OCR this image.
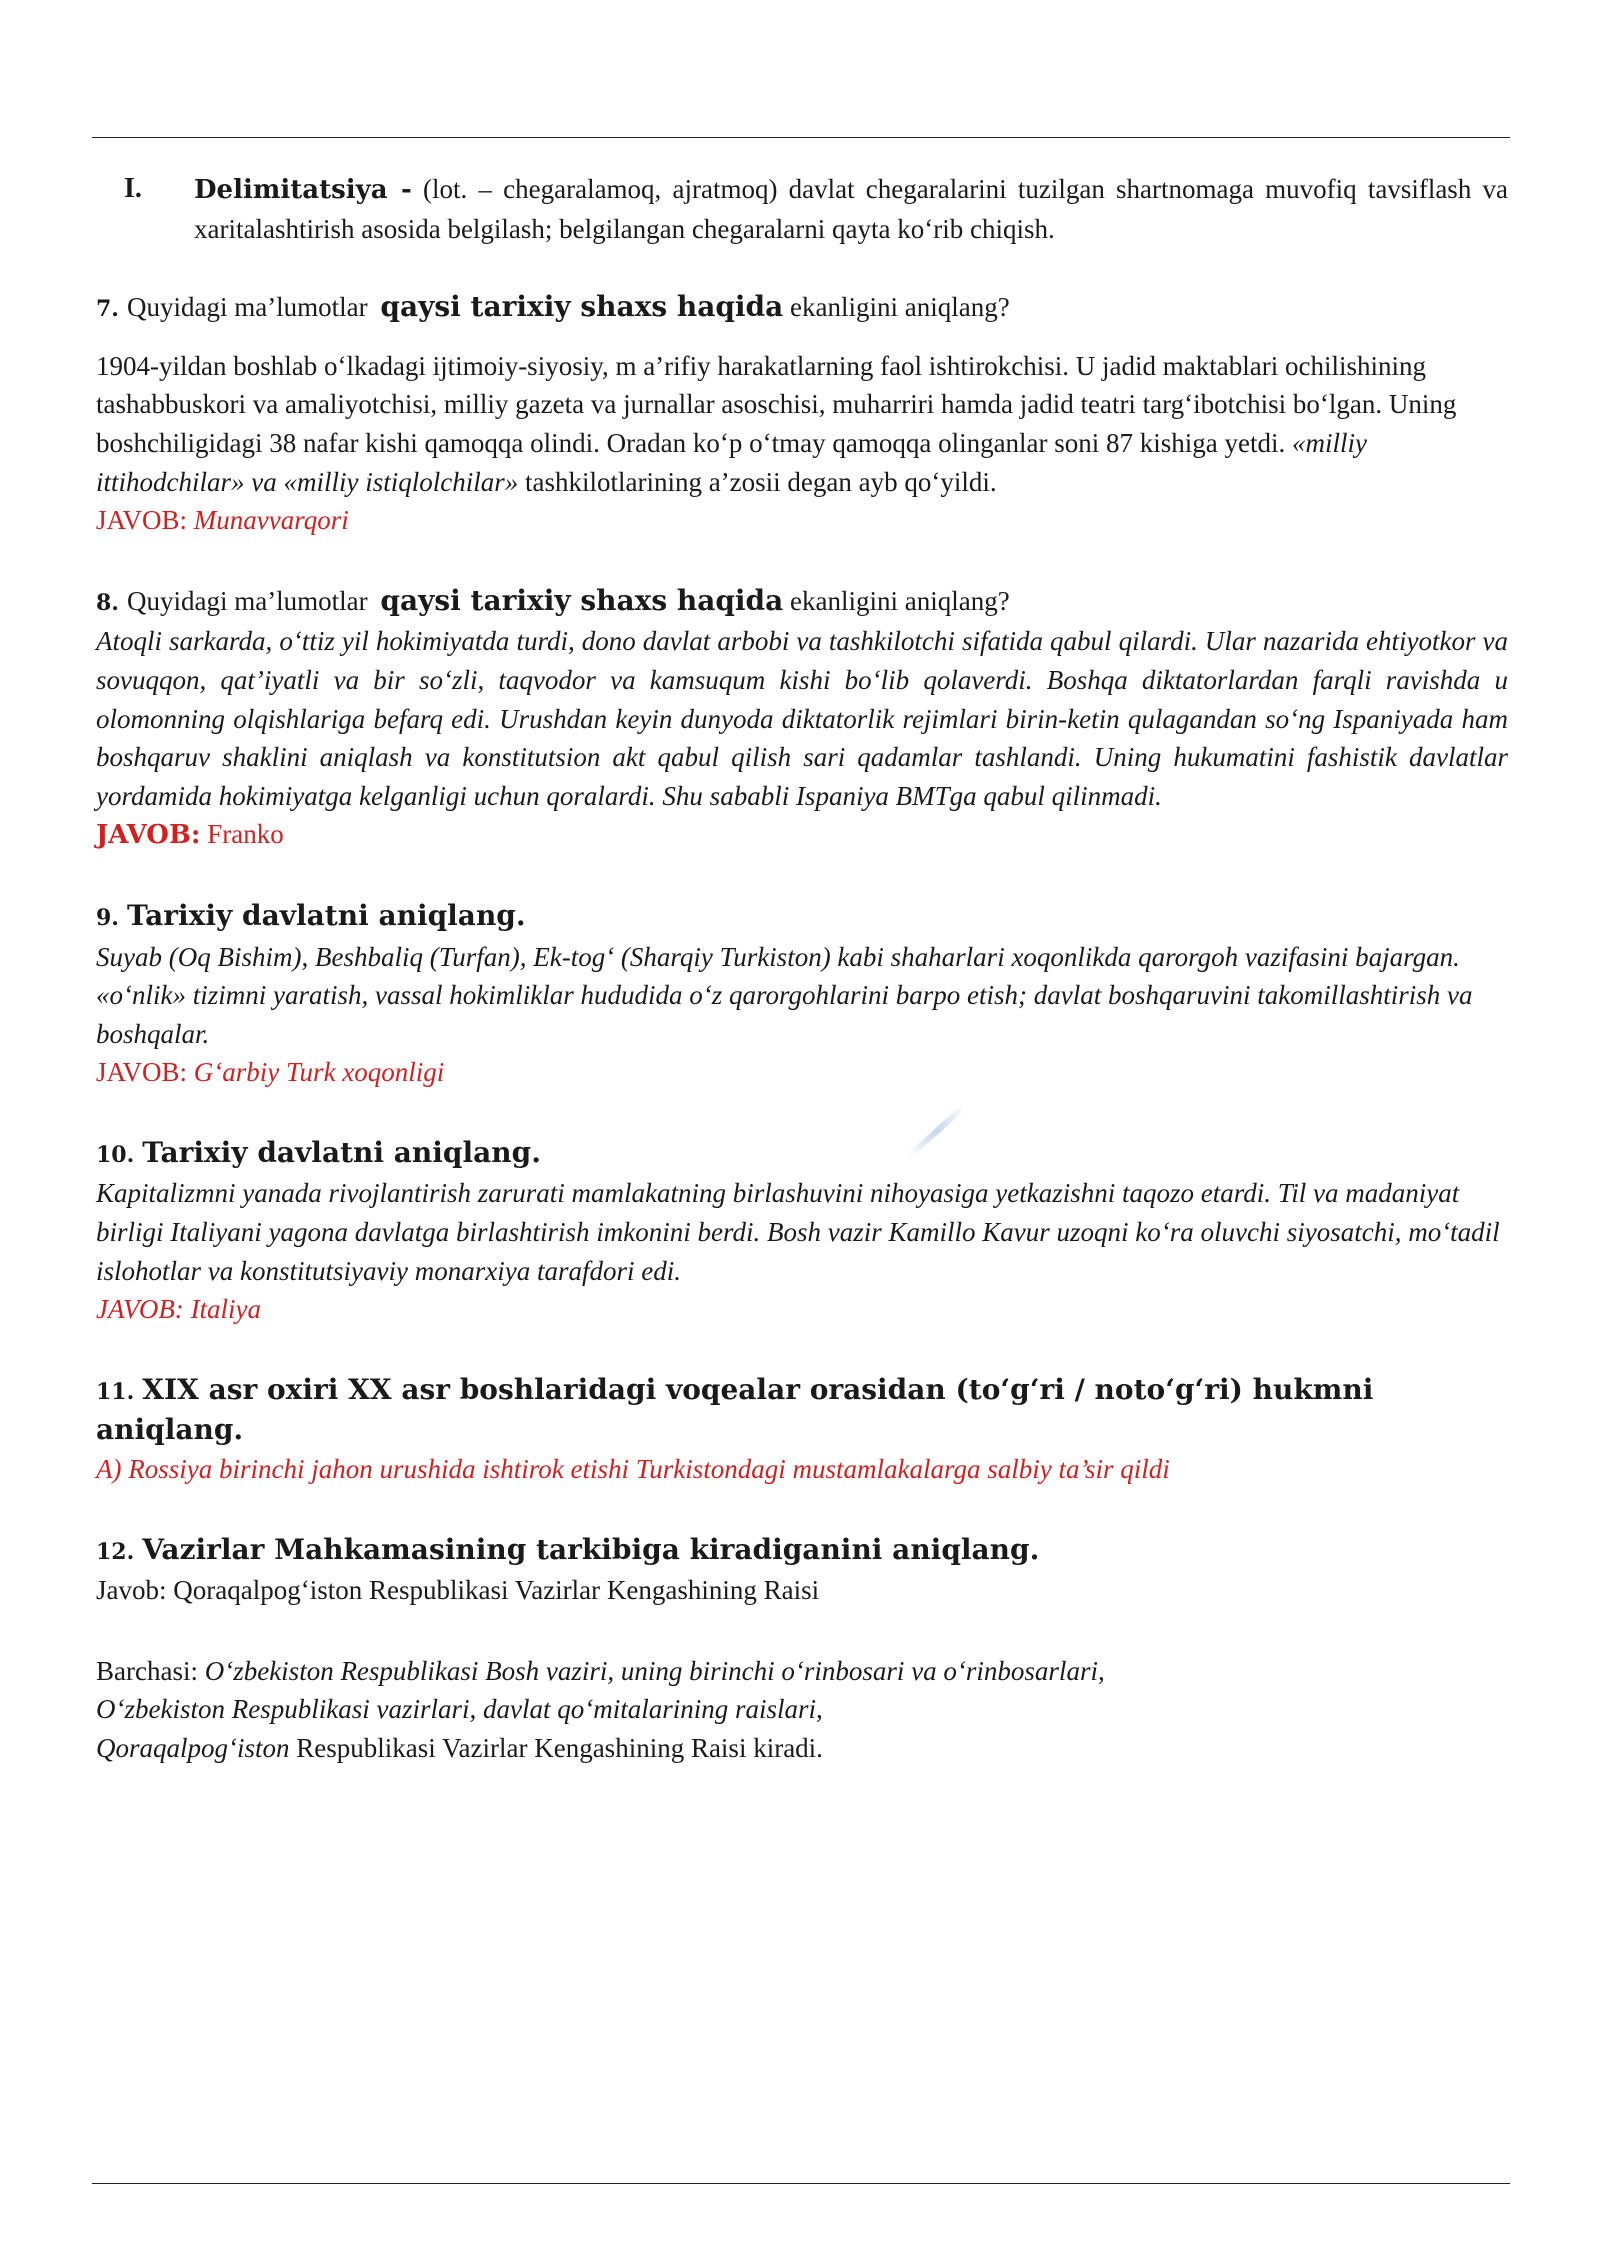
I. Delimitatsiya - (lot. – chegaralamoq, ajratmoq) davlat chegaralarini tuzilgan shartnomaga muvofiq tavsiflash va xaritalashtirish asosida belgilash; belgilangan chegaralarni qayta ko‘rib chiqish.
7. Quyidagi ma’lumotlar qaysi tarixiy shaxs haqida ekanligini aniqlang?
1904-yildan boshlab o‘lkadagi ijtimoiy-siyosiy, m a’rifiy harakatlarning faol ishtirokchisi. U jadid maktablari ochilishining tashabbuskori va amaliyotchisi, milliy gazeta va jurnallar asoschisi, muharriri hamda jadid teatri targ‘ibotchisi bo‘lgan. Uning boshchiligidagi 38 nafar kishi qamoqqa olindi. Oradan ko‘p o‘tmay qamoqqa olinganlar soni 87 kishiga yetdi. «milliy ittihodchilar» va «milliy istiqlolchilar» tashkilotlarining a’zosii degan ayb qo‘yildi.
JAVOB: Munavvarqori
8. Quyidagi ma’lumotlar qaysi tarixiy shaxs haqida ekanligini aniqlang?
Atoqli sarkarda, o‘ttiz yil hokimiyatda turdi, dono davlat arbobi va tashkilotchi sifatida qabul qilardi. Ular nazarida ehtiyotkor va sovuqqon, qat’iyatli va bir so‘zli, taqvodor va kamsuqum kishi bo‘lib qolaverdi. Boshqa diktatorlardan farqli ravishda u olomonning olqishlariga befarq edi. Urushdan keyin dunyoda diktatorlik rejimlari birin-ketin qulagandan so‘ng Ispaniyada ham boshqaruv shaklini aniqlash va konstitutsion akt qabul qilish sari qadamlar tashlandi. Uning hukumatini fashistik davlatlar yordamida hokimiyatga kelganligi uchun qoralardi. Shu sababli Ispaniya BMTga qabul qilinmadi.
JAVOB: Franko
9. Tarixiy davlatni aniqlang.
Suyab (Oq Bishim), Beshbaliq (Turfan), Ek-tog‘ (Sharqiy Turkiston) kabi shaharlari xoqonlikda qarorgoh vazifasini bajargan. «o‘nlik» tizimni yaratish, vassal hokimliklar hududida o‘z qarorgohlarini barpo etish; davlat boshqaruvini takomillashtirish va boshqalar.
JAVOB: G‘arbiy Turk xoqonligi
10. Tarixiy davlatni aniqlang.
Kapitalizmni yanada rivojlantirish zarurati mamlakatning birlashuvini nihoyasiga yetkazishni taqozo etardi. Til va madaniyat birligi Italiyani yagona davlatga birlashtirish imkonini berdi. Bosh vazir Kamillo Kavur uzoqni ko‘ra oluvchi siyosatchi, mo‘tadil islohotlar va konstitutsiyaviy monarxiya tarafdori edi.
JAVOB: Italiya
11. XIX asr oxiri XX asr boshlaridagi voqealar orasidan (to‘g‘ri / noto‘g‘ri) hukmni aniqlang.
A) Rossiya birinchi jahon urushida ishtirok etishi Turkistondagi mustamlakalarga salbiy ta’sir qildi
12. Vazirlar Mahkamasining tarkibiga kiradiganini aniqlang.
Javob: Qoraqalpog‘iston Respublikasi Vazirlar Kengashining Raisi
Barchasi: O‘zbekiston Respublikasi Bosh vaziri, uning birinchi o‘rinbosari va o‘rinbosarlari,
O‘zbekiston Respublikasi vazirlari, davlat qo‘mitalarining raislari,
Qoraqalpog‘iston Respublikasi Vazirlar Kengashining Raisi kiradi.
